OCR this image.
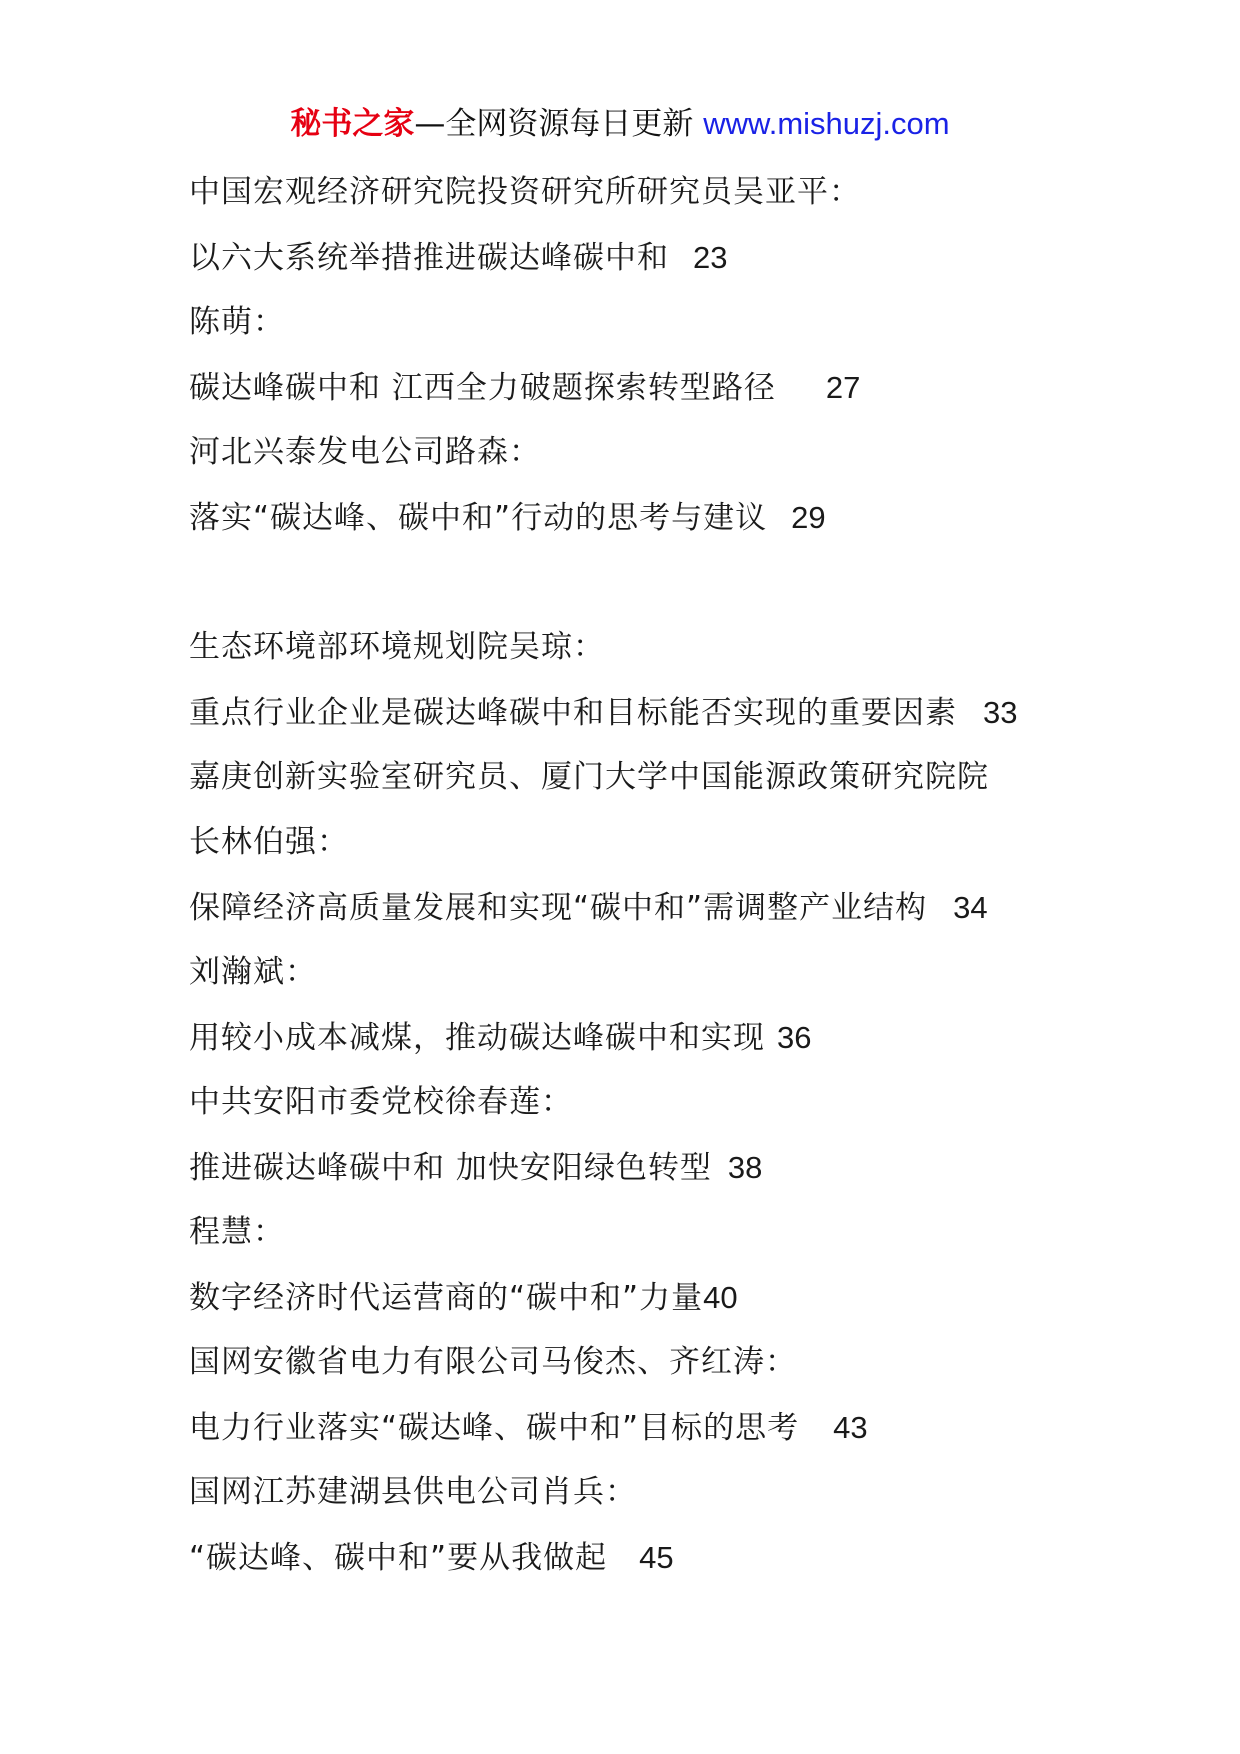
秘书之家—全网资源每日更新 www.mishuzj.com
中国宏观经济研究院投资研究所研究员吴亚平：
以六大系统举措推进碳达峰碳中和 23
陈萌：
碳达峰碳中和 江西全力破题探索转型路径 27
河北兴泰发电公司路森：
落实“碳达峰、碳中和”行动的思考与建议 29
生态环境部环境规划院吴琼：
重点行业企业是碳达峰碳中和目标能否实现的重要因素 33
嘉庚创新实验室研究员、厦门大学中国能源政策研究院院
长林伯强：
保障经济高质量发展和实现“碳中和”需调整产业结构 34
刘瀚斌：
用较小成本减煤，推动碳达峰碳中和实现 36
中共安阳市委党校徐春莲：
推进碳达峰碳中和 加快安阳绿色转型 38
程慧：
数字经济时代运营商的“碳中和”力量40
国网安徽省电力有限公司马俊杰、齐红涛：
电力行业落实“碳达峰、碳中和”目标的思考 43
国网江苏建湖县供电公司肖兵：
“碳达峰、碳中和”要从我做起 45
